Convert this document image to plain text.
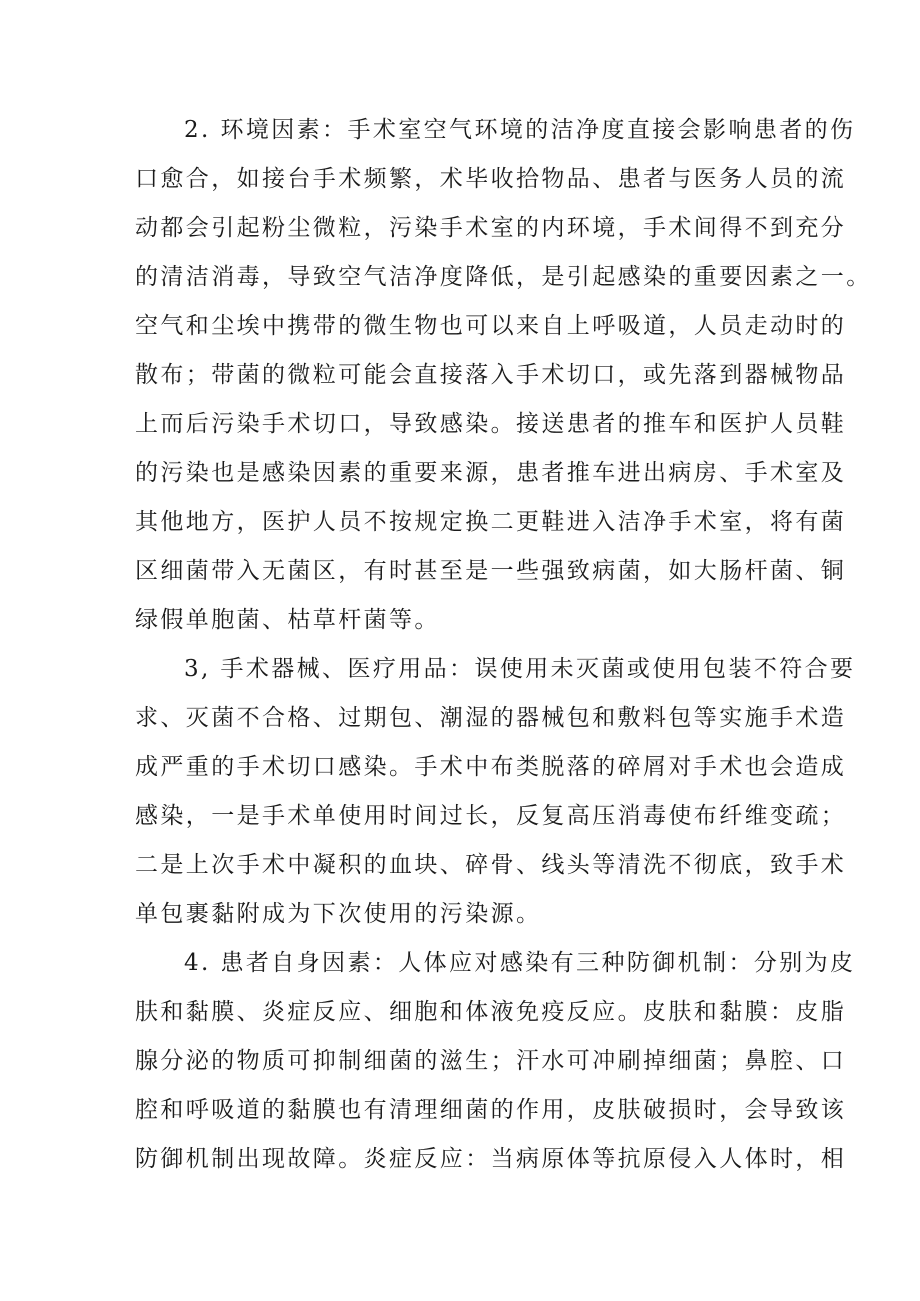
2. 环境因素：手术室空气环境的洁净度直接会影响患者的伤
口愈合，如接台手术频繁，术毕收拾物品、患者与医务人员的流
动都会引起粉尘微粒，污染手术室的内环境，手术间得不到充分
的清洁消毒，导致空气洁净度降低，是引起感染的重要因素之一。
空气和尘埃中携带的微生物也可以来自上呼吸道，人员走动时的
散布；带菌的微粒可能会直接落入手术切口，或先落到器械物品
上而后污染手术切口，导致感染。接送患者的推车和医护人员鞋
的污染也是感染因素的重要来源，患者推车进出病房、手术室及
其他地方，医护人员不按规定换二更鞋进入洁净手术室，将有菌
区细菌带入无菌区，有时甚至是一些强致病菌，如大肠杆菌、铜
绿假单胞菌、枯草杆菌等。
3, 手术器械、医疗用品：误使用未灭菌或使用包装不符合要
求、灭菌不合格、过期包、潮湿的器械包和敷料包等实施手术造
成严重的手术切口感染。手术中布类脱落的碎屑对手术也会造成
感染，一是手术单使用时间过长，反复高压消毒使布纤维变疏；
二是上次手术中凝积的血块、碎骨、线头等清洗不彻底，致手术
单包裹黏附成为下次使用的污染源。
4. 患者自身因素：人体应对感染有三种防御机制：分别为皮
肤和黏膜、炎症反应、细胞和体液免疫反应。皮肤和黏膜：皮脂
腺分泌的物质可抑制细菌的滋生；汗水可冲刷掉细菌；鼻腔、口
腔和呼吸道的黏膜也有清理细菌的作用，皮肤破损时，会导致该
防御机制出现故障。炎症反应：当病原体等抗原侵入人体时，相
